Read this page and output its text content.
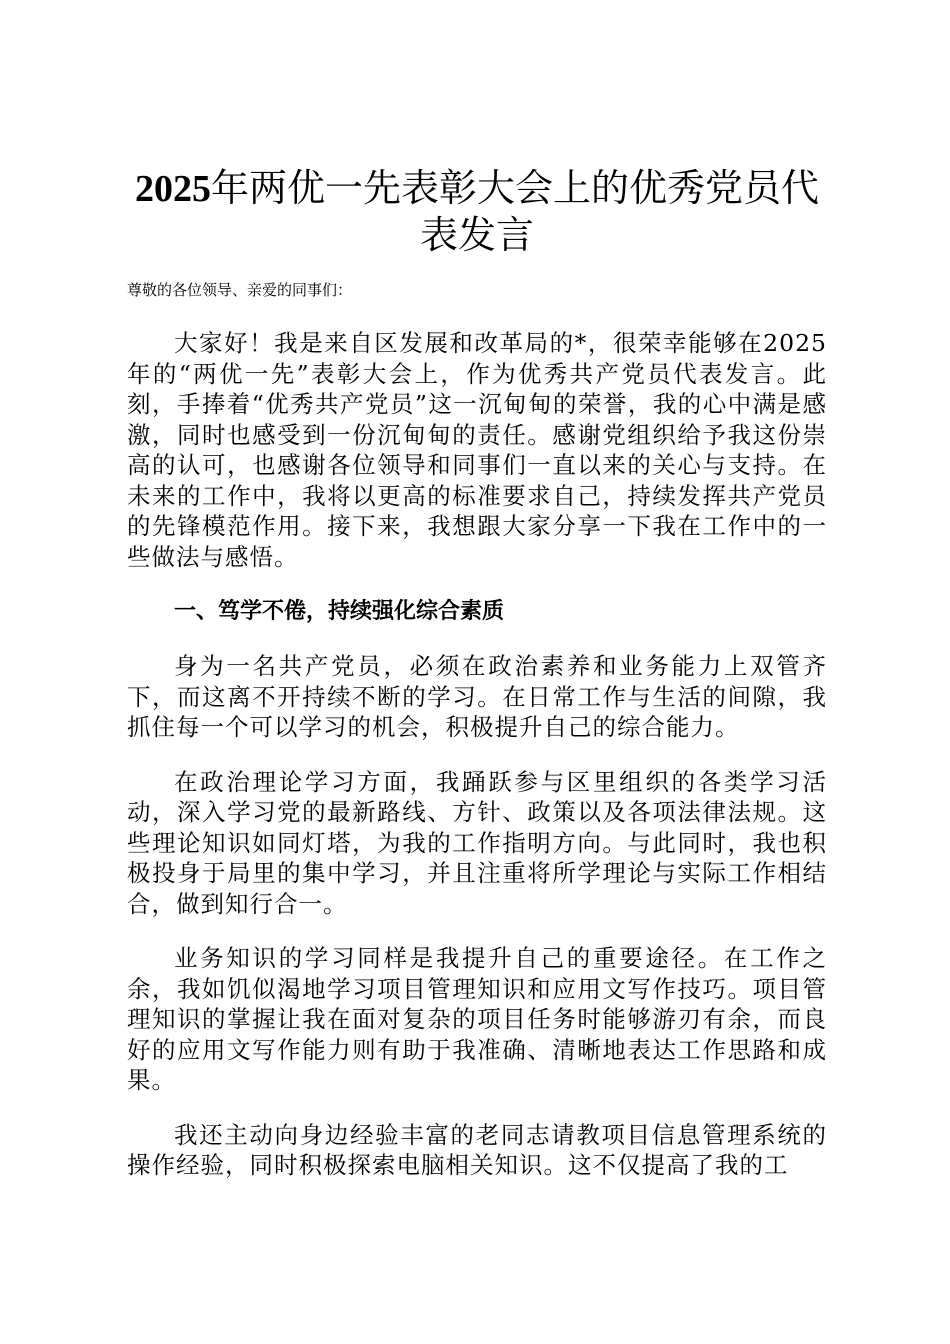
2025年两优一先表彰大会上的优秀党员代表发言

尊敬的各位领导、亲爱的同事们：

大家好！我是来自区发展和改革局的*，很荣幸能够在2025年的“两优一先”表彰大会上，作为优秀共产党员代表发言。此刻，手捧着“优秀共产党员”这一沉甸甸的荣誉，我的心中满是感激，同时也感受到一份沉甸甸的责任。感谢党组织给予我这份崇高的认可，也感谢各位领导和同事们一直以来的关心与支持。在未来的工作中，我将以更高的标准要求自己，持续发挥共产党员的先锋模范作用。接下来，我想跟大家分享一下我在工作中的一些做法与感悟。

一、笃学不倦，持续强化综合素质

身为一名共产党员，必须在政治素养和业务能力上双管齐下，而这离不开持续不断的学习。在日常工作与生活的间隙，我抓住每一个可以学习的机会，积极提升自己的综合能力。

在政治理论学习方面，我踊跃参与区里组织的各类学习活动，深入学习党的最新路线、方针、政策以及各项法律法规。这些理论知识如同灯塔，为我的工作指明方向。与此同时，我也积极投身于局里的集中学习，并且注重将所学理论与实际工作相结合，做到知行合一。

业务知识的学习同样是我提升自己的重要途径。在工作之余，我如饥似渴地学习项目管理知识和应用文写作技巧。项目管理知识的掌握让我在面对复杂的项目任务时能够游刃有余，而良好的应用文写作能力则有助于我准确、清晰地表达工作思路和成果。

我还主动向身边经验丰富的老同志请教项目信息管理系统的操作经验，同时积极探索电脑相关知识。这不仅提高了我的工
